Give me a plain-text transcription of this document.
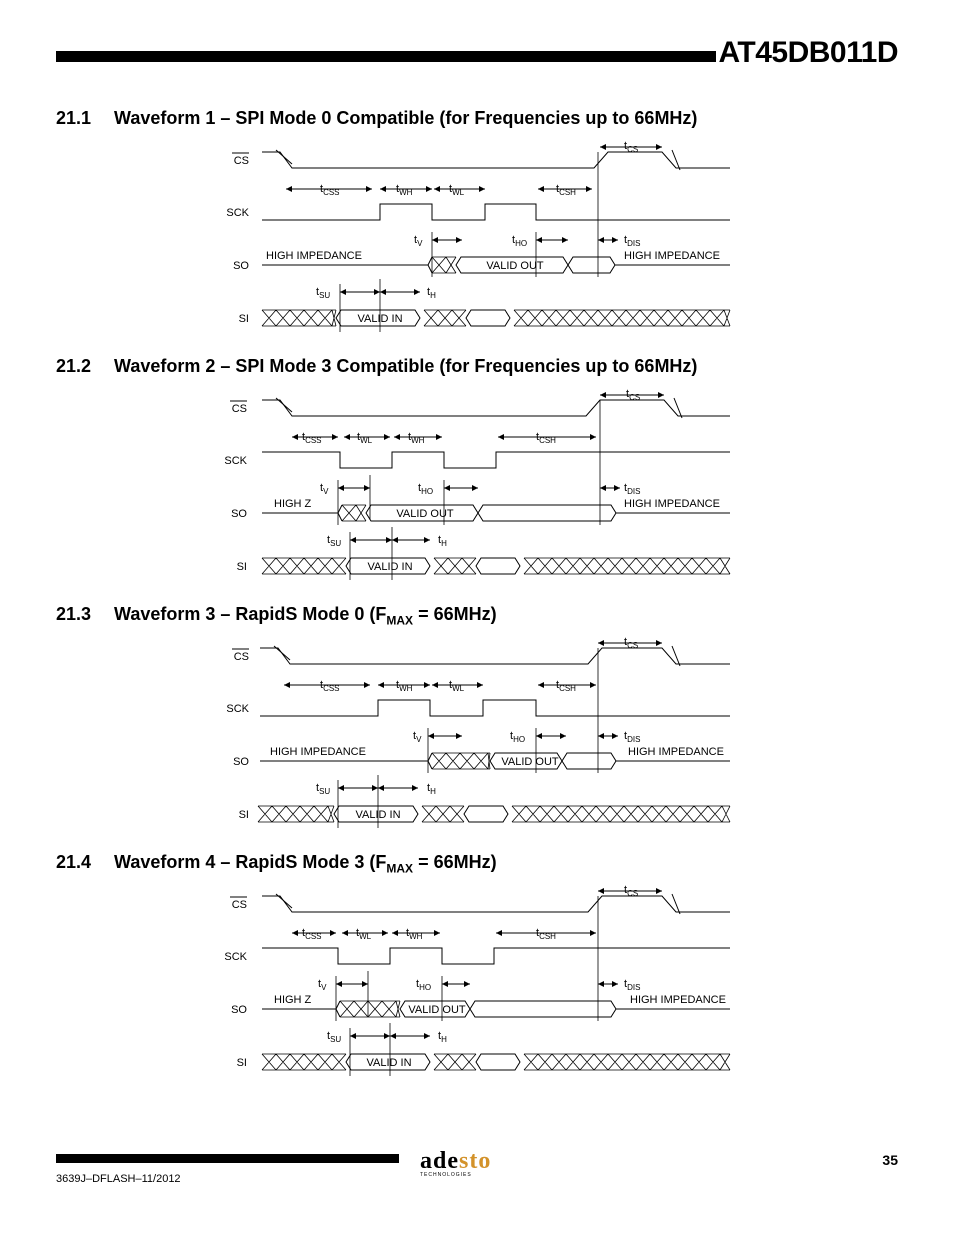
AT45DB011D
21.1 Waveform 1 – SPI Mode 0 Compatible (for Frequencies up to 66MHz)
21.2 Waveform 2 – SPI Mode 3 Compatible (for Frequencies up to 66MHz)
21.3 Waveform 3 – RapidS Mode 0 $(F_{MAX} = 66MHz)$
21.4 Waveform 4 – RapidS Mode 3 $(F_{MAX} = 66MHz)$
CS
SCK
SO
SI
HIGH IMPEDANCE	HIGH IMPEDANCE
VALID OUT
VALID IN
$t_{CS}$
$t_{CSS}$	$t_{WH}$	$t_{WL}$	$t_{CSH}$
$t_V$	$t_{HO}$	$t_{DIS}$
$t_{SU}$	$t_H$
CS
SCK
SO
SI
HIGH Z	HIGH IMPEDANCE
VALID OUT
VALID IN
$t_{CS}$
$t_{CSS}$	$t_{WH}$
$t_{WL}$	$t_{CSH}$
$t_V$	$t_{HO}$	$t_{DIS}$
$t_{SU}$	$t_H$
CS
SCK
SO
SI
HIGH IMPEDANCE	HIGH IMPEDANCE
VALID OUT
VALID IN
$t_{CS}$
$t_{CSS}$	$t_{WH}$	$t_{WL}$	$t_{CSH}$
$t_V$	$t_{HO}$	$t_{DIS}$
$t_{SU}$	$t_H$
CS
SCK
SO
SI
HIGH Z	HIGH IMPEDANCE
VALID OUT
VALID IN
$t_{CS}$
$t_{CSS}$	$t_{WH}$
$t_{WL}$	$t_{CSH}$
$t_V$	$t_{HO}$	$t_{DIS}$
$t_{SU}$	$t_H$
adesto
TECHNOLOGIES
35
3639J–DFLASH–11/2012
